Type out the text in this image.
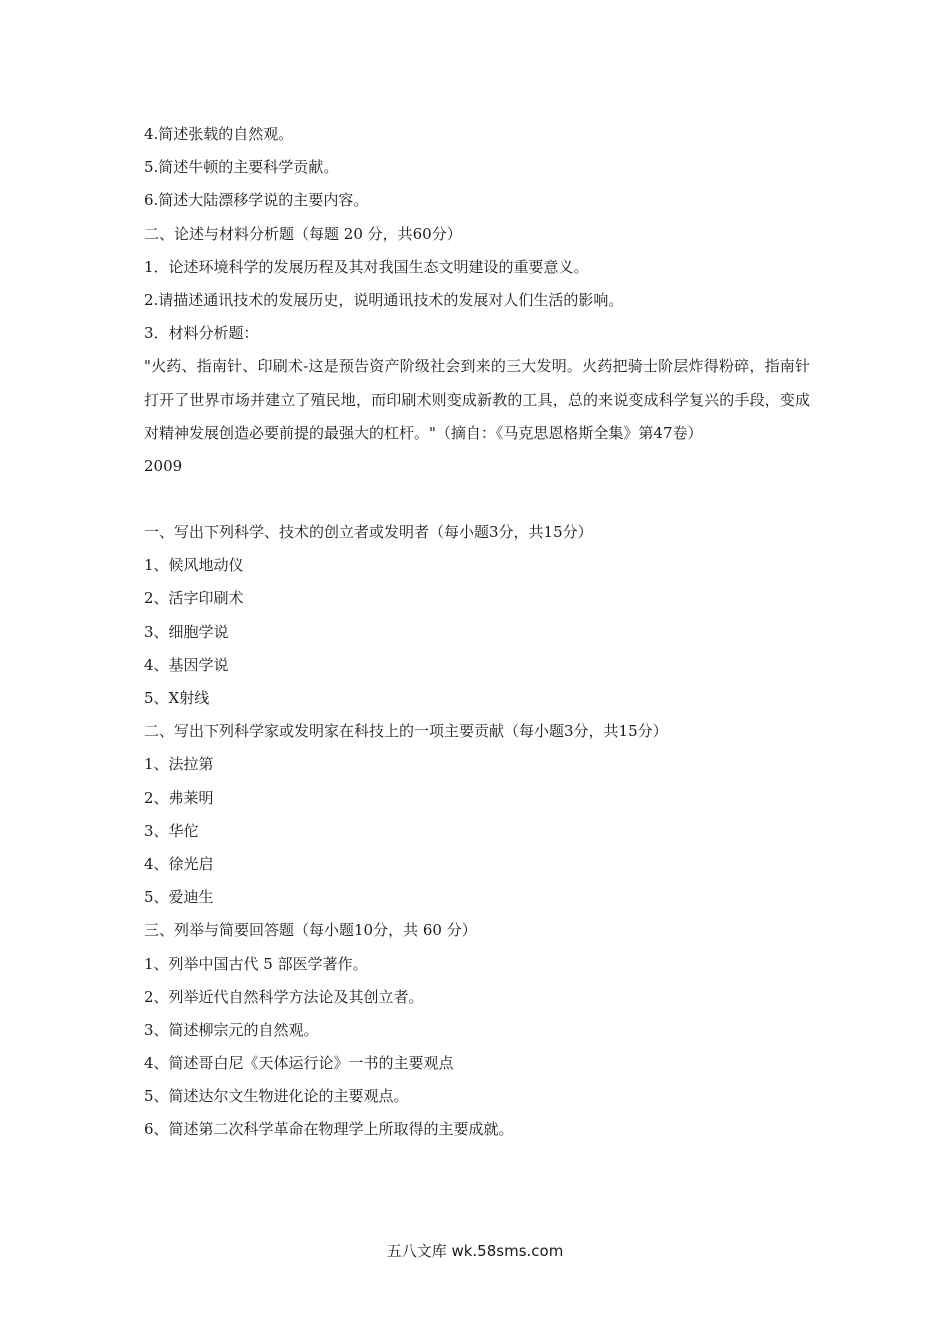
4.简述张载的自然观。
5.简述牛顿的主要科学贡献。
6.简述大陆漂移学说的主要内容。
二、论述与材料分析题（每题 20 分，共60分）
1．论述环境科学的发展历程及其对我国生态文明建设的重要意义。
2.请描述通讯技术的发展历史，说明通讯技术的发展对人们生活的影响。
3．材料分析题：
"火药、指南针、印刷术-这是预告资产阶级社会到来的三大发明。火药把骑士阶层炸得粉碎，指南针打开了世界市场并建立了殖民地，而印刷术则变成新教的工具，总的来说变成科学复兴的手段，变成对精神发展创造必要前提的最强大的杠杆。"（摘自：《马克思恩格斯全集》第47卷）
2009
一、写出下列科学、技术的创立者或发明者（每小题3分，共15分）
1、候风地动仪
2、活字印刷术
3、细胞学说
4、基因学说
5、X射线
二、写出下列科学家或发明家在科技上的一项主要贡献（每小题3分，共15分）
1、法拉第
2、弗莱明
3、华佗
4、徐光启
5、爱迪生
三、列举与简要回答题（每小题10分，共 60 分）
1、列举中国古代 5 部医学著作。
2、列举近代自然科学方法论及其创立者。
3、简述柳宗元的自然观。
4、简述哥白尼《天体运行论》一书的主要观点
5、简述达尔文生物进化论的主要观点。
6、简述第二次科学革命在物理学上所取得的主要成就。
五八文库 wk.58sms.com
